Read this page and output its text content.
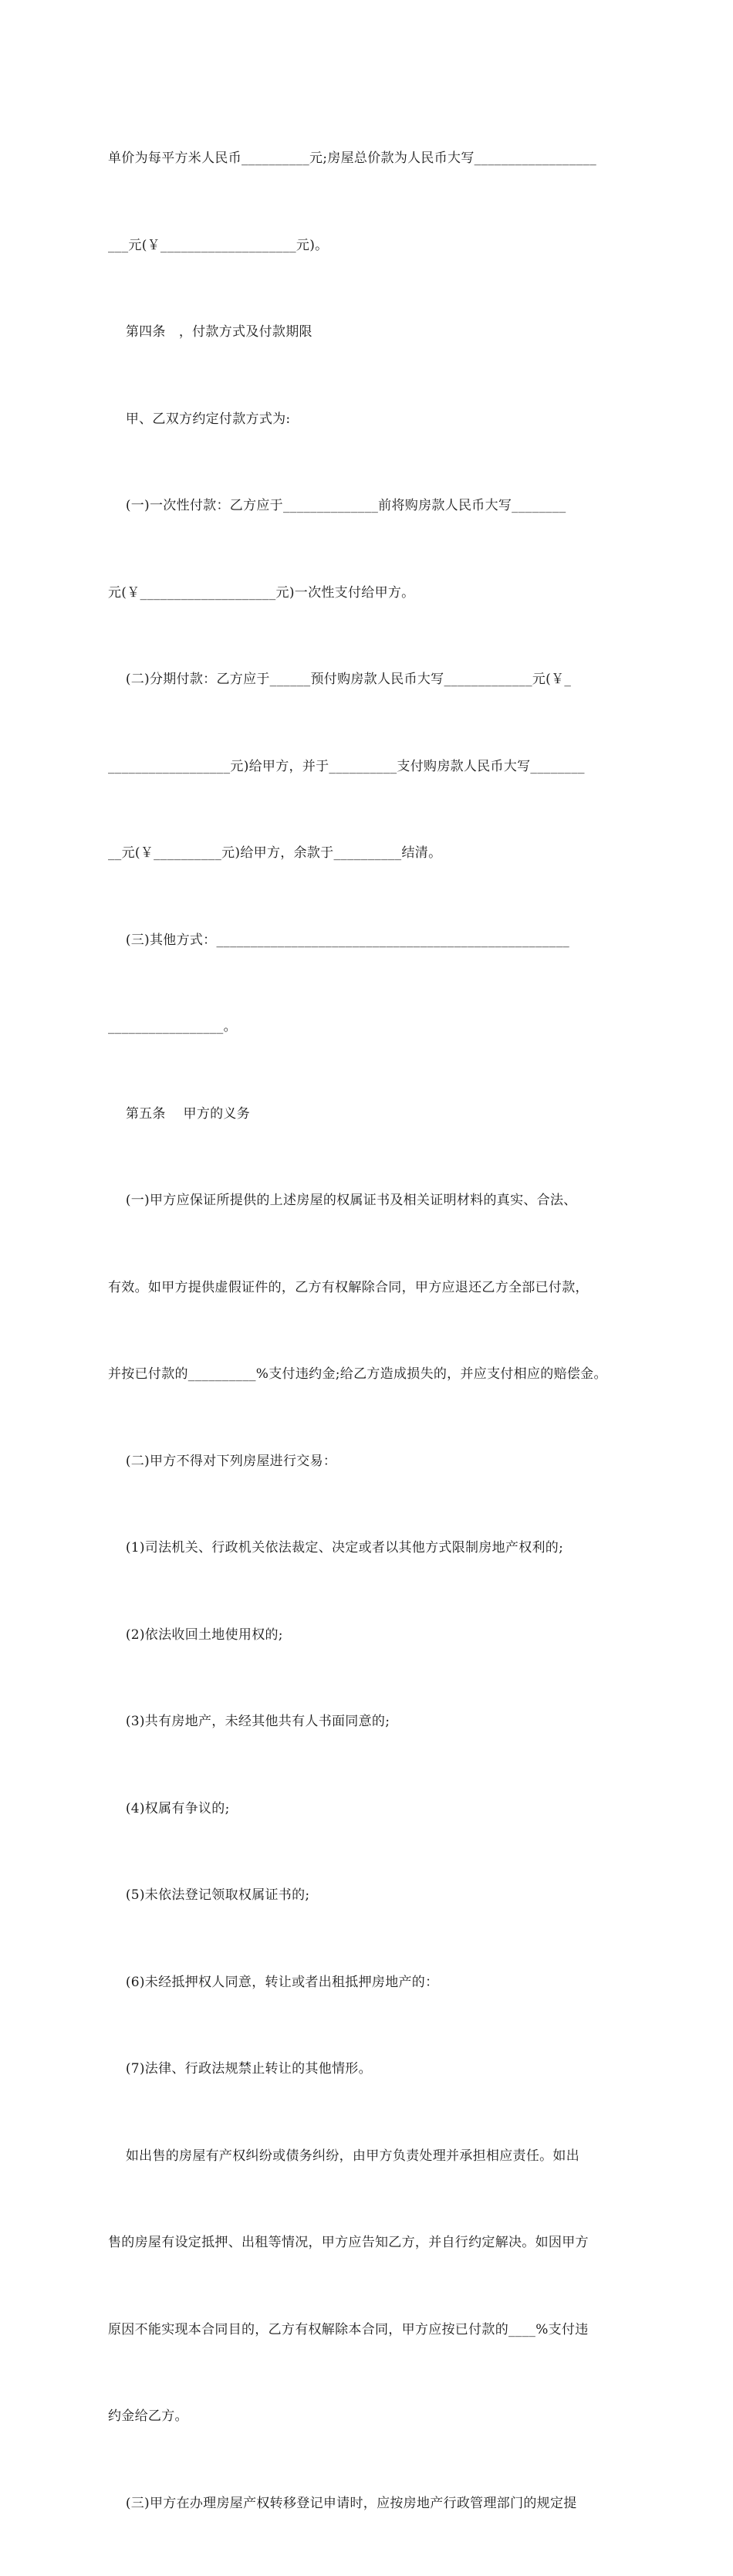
单价为每平方米人民币__________元;房屋总价款为人民币大写__________________

___元(￥____________________元)。

第四条   ，付款方式及付款期限

甲、乙双方约定付款方式为:

(一)一次性付款：乙方应于______________前将购房款人民币大写________

元(￥____________________元)一次性支付给甲方。

(二)分期付款：乙方应于______预付购房款人民币大写_____________元(￥_

__________________元)给甲方，并于__________支付购房款人民币大写________

__元(￥__________元)给甲方，余款于__________结清。

(三)其他方式：____________________________________________________

_________________。

第五条    甲方的义务

(一)甲方应保证所提供的上述房屋的权属证书及相关证明材料的真实、合法、

有效。如甲方提供虚假证件的，乙方有权解除合同，甲方应退还乙方全部已付款，

并按已付款的__________%支付违约金;给乙方造成损失的，并应支付相应的赔偿金。

(二)甲方不得对下列房屋进行交易：

(1)司法机关、行政机关依法裁定、决定或者以其他方式限制房地产权利的;

(2)依法收回土地使用权的;

(3)共有房地产，未经其他共有人书面同意的;

(4)权属有争议的;

(5)未依法登记领取权属证书的;

(6)未经抵押权人同意，转让或者出租抵押房地产的：

(7)法律、行政法规禁止转让的其他情形。

如出售的房屋有产权纠纷或债务纠纷，由甲方负责处理并承担相应责任。如出

售的房屋有设定抵押、出租等情况，甲方应告知乙方，并自行约定解决。如因甲方

原因不能实现本合同目的，乙方有权解除本合同，甲方应按已付款的____%支付违

约金给乙方。

(三)甲方在办理房屋产权转移登记申请时，应按房地产行政管理部门的规定提
